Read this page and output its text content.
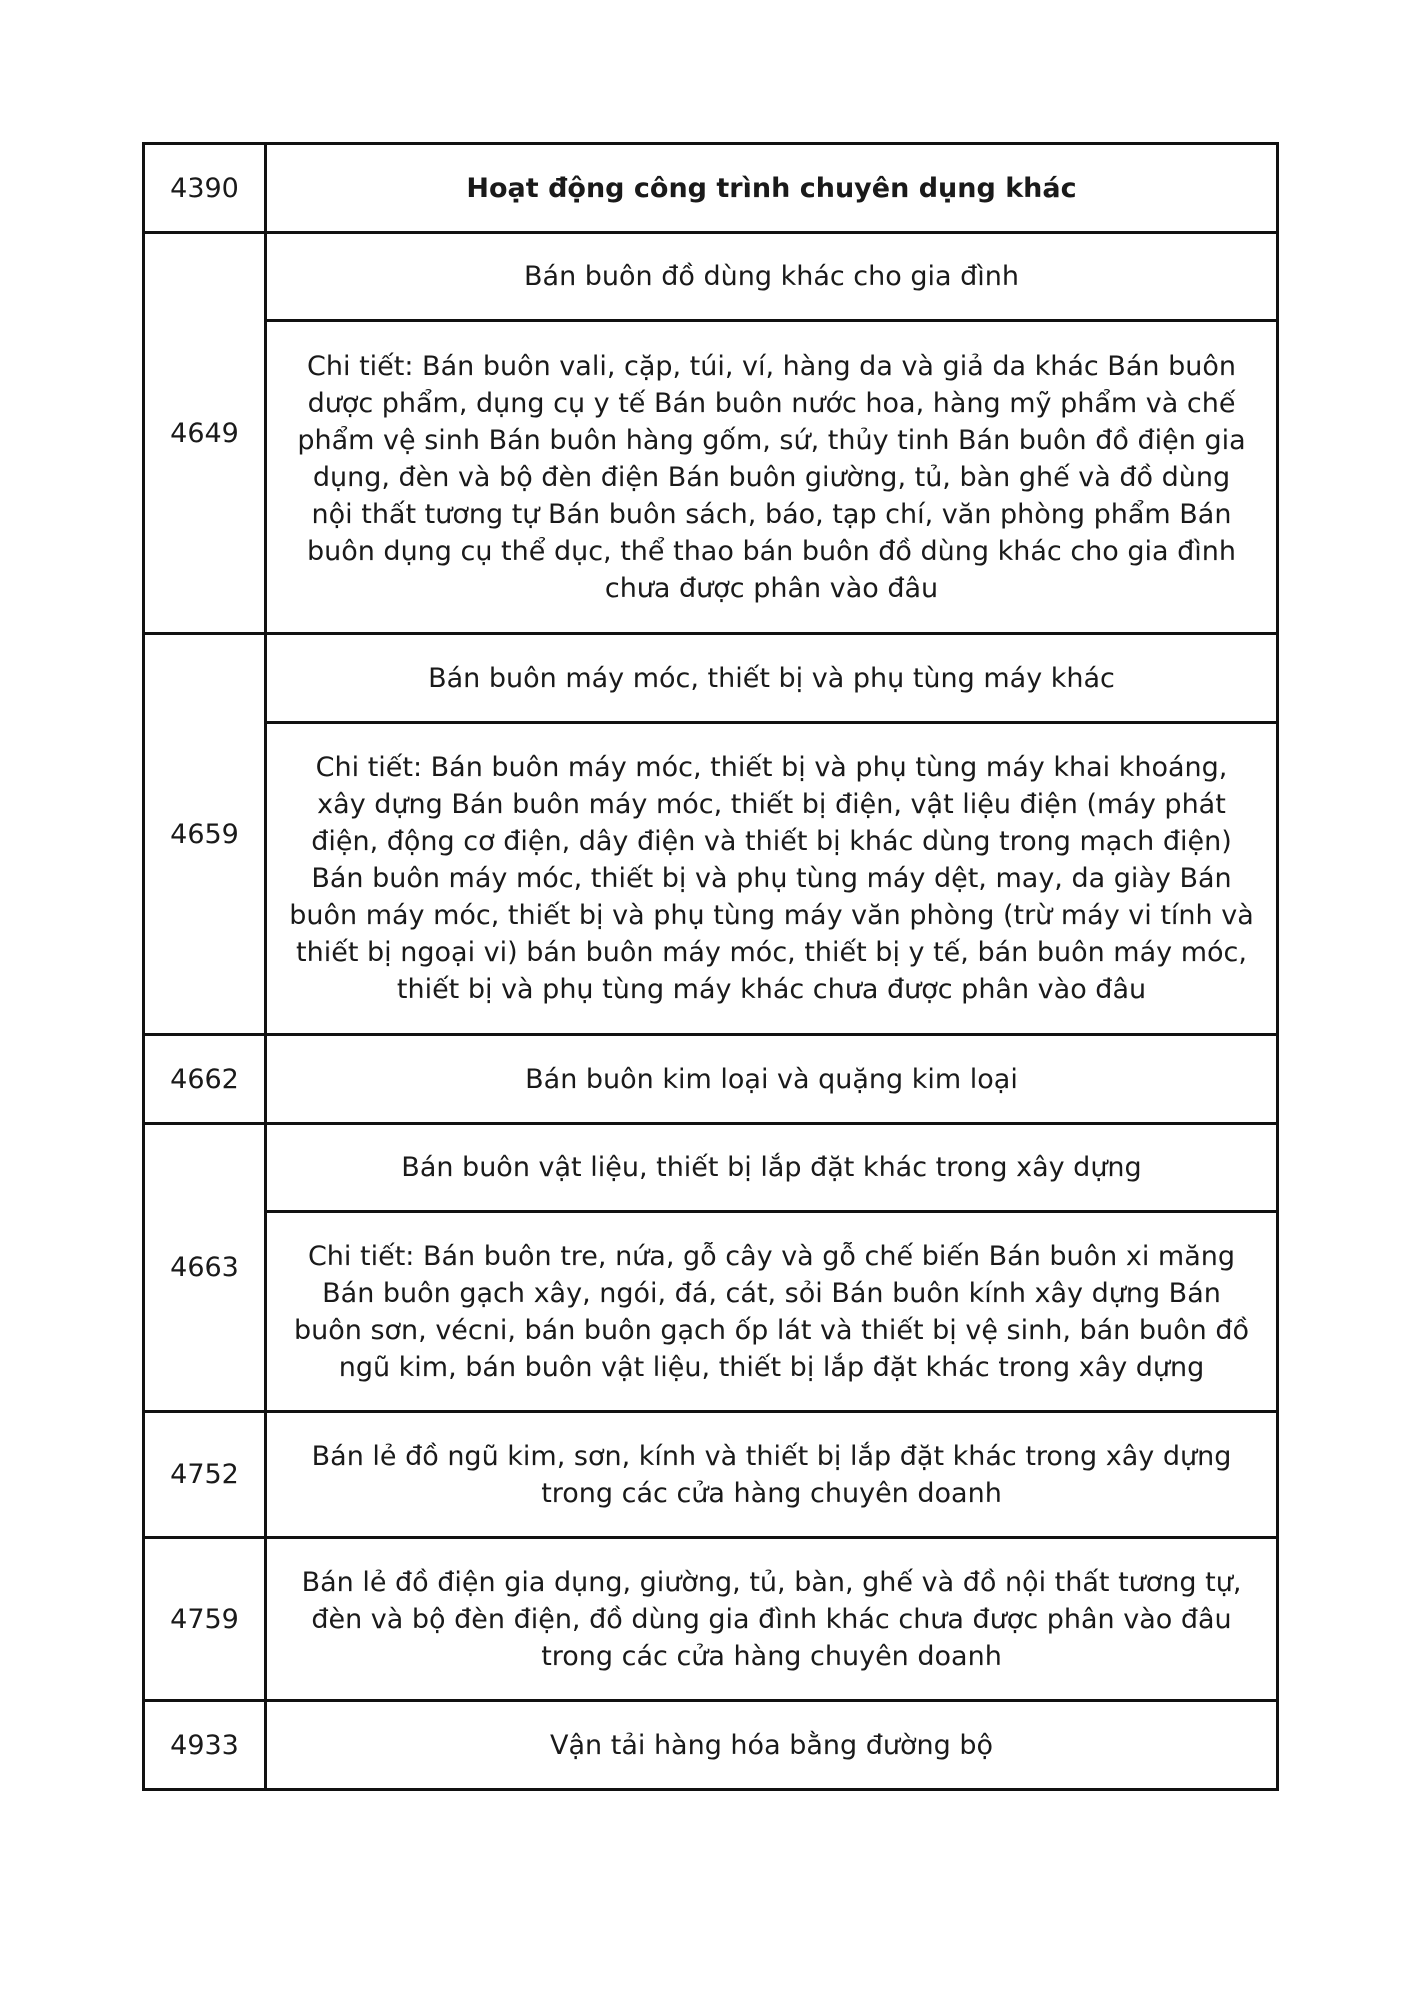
4390	Hoạt động công trình chuyên dụng khác
4649	Bán buôn đồ dùng khác cho gia đình
	Chi tiết: Bán buôn vali, cặp, túi, ví, hàng da và giả da khác Bán buôn dược phẩm, dụng cụ y tế Bán buôn nước hoa, hàng mỹ phẩm và chế phẩm vệ sinh Bán buôn hàng gốm, sứ, thủy tinh Bán buôn đồ điện gia dụng, đèn và bộ đèn điện Bán buôn giường, tủ, bàn ghế và đồ dùng nội thất tương tự Bán buôn sách, báo, tạp chí, văn phòng phẩm Bán buôn dụng cụ thể dục, thể thao bán buôn đồ dùng khác cho gia đình chưa được phân vào đâu
4659	Bán buôn máy móc, thiết bị và phụ tùng máy khác
	Chi tiết: Bán buôn máy móc, thiết bị và phụ tùng máy khai khoáng, xây dựng Bán buôn máy móc, thiết bị điện, vật liệu điện (máy phát điện, động cơ điện, dây điện và thiết bị khác dùng trong mạch điện) Bán buôn máy móc, thiết bị và phụ tùng máy dệt, may, da giày Bán buôn máy móc, thiết bị và phụ tùng máy văn phòng (trừ máy vi tính và thiết bị ngoại vi) bán buôn máy móc, thiết bị y tế, bán buôn máy móc, thiết bị và phụ tùng máy khác chưa được phân vào đâu
4662	Bán buôn kim loại và quặng kim loại
4663	Bán buôn vật liệu, thiết bị lắp đặt khác trong xây dựng
	Chi tiết: Bán buôn tre, nứa, gỗ cây và gỗ chế biến Bán buôn xi măng Bán buôn gạch xây, ngói, đá, cát, sỏi Bán buôn kính xây dựng Bán buôn sơn, vécni, bán buôn gạch ốp lát và thiết bị vệ sinh, bán buôn đồ ngũ kim, bán buôn vật liệu, thiết bị lắp đặt khác trong xây dựng
4752	Bán lẻ đồ ngũ kim, sơn, kính và thiết bị lắp đặt khác trong xây dựng trong các cửa hàng chuyên doanh
4759	Bán lẻ đồ điện gia dụng, giường, tủ, bàn, ghế và đồ nội thất tương tự, đèn và bộ đèn điện, đồ dùng gia đình khác chưa được phân vào đâu trong các cửa hàng chuyên doanh
4933	Vận tải hàng hóa bằng đường bộ
